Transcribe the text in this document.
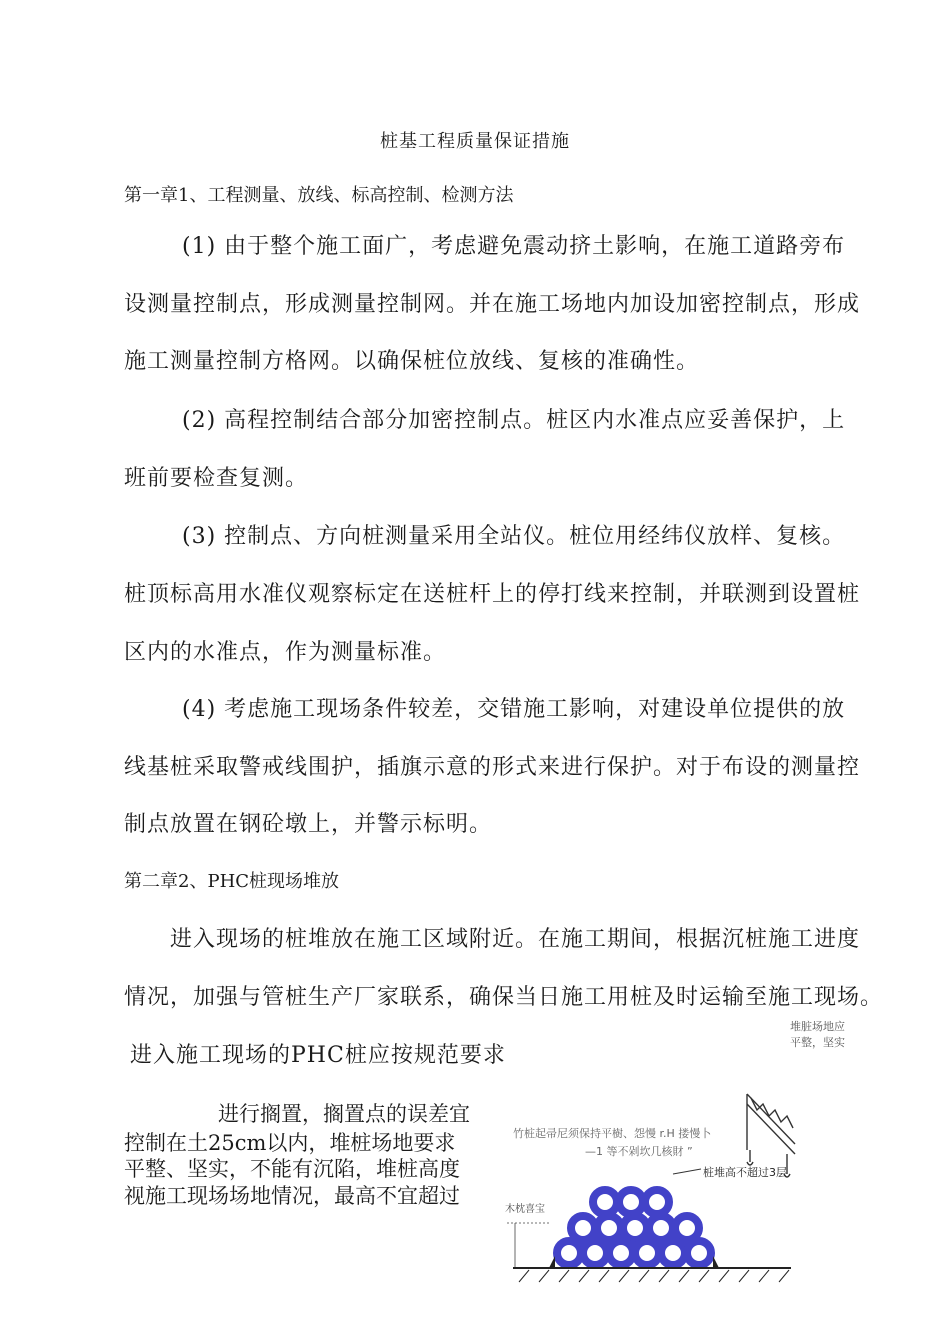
桩基工程质量保证措施
第一章1、工程测量、放线、标高控制、检测方法
(1) 由于整个施工面广，考虑避免震动挤土影响，在施工道路旁布
设测量控制点，形成测量控制网。并在施工场地内加设加密控制点，形成
施工测量控制方格网。以确保桩位放线、复核的准确性。
(2) 高程控制结合部分加密控制点。桩区内水准点应妥善保护，上
班前要检查复测。
(3) 控制点、方向桩测量采用全站仪。桩位用经纬仪放样、复核。
桩顶标高用水准仪观察标定在送桩杆上的停打线来控制，并联测到设置桩
区内的水准点，作为测量标准。
(4) 考虑施工现场条件较差，交错施工影响，对建设单位提供的放
线基桩采取警戒线围护，插旗示意的形式来进行保护。对于布设的测量控
制点放置在钢砼墩上，并警示标明。
第二章2、PHC桩现场堆放
进入现场的桩堆放在施工区域附近。在施工期间，根据沉桩施工进度
情况，加强与管桩生产厂家联系，确保当日施工用桩及时运输至施工现场。
进入施工现场的PHC桩应按规范要求
进行搁置，搁置点的误差宜
控制在土25cm以内，堆桩场地要求
平整、坚实，不能有沉陷，堆桩高度
视施工现场场地情况，最高不宜超过
堆脏场地应
平整，坚实
竹桩起帚尼须保持平樹、怨慢 r.H 搂慢卜
—1 等不剁坎几核財 ”
桩堆高不超过3层
木枕喜宝
